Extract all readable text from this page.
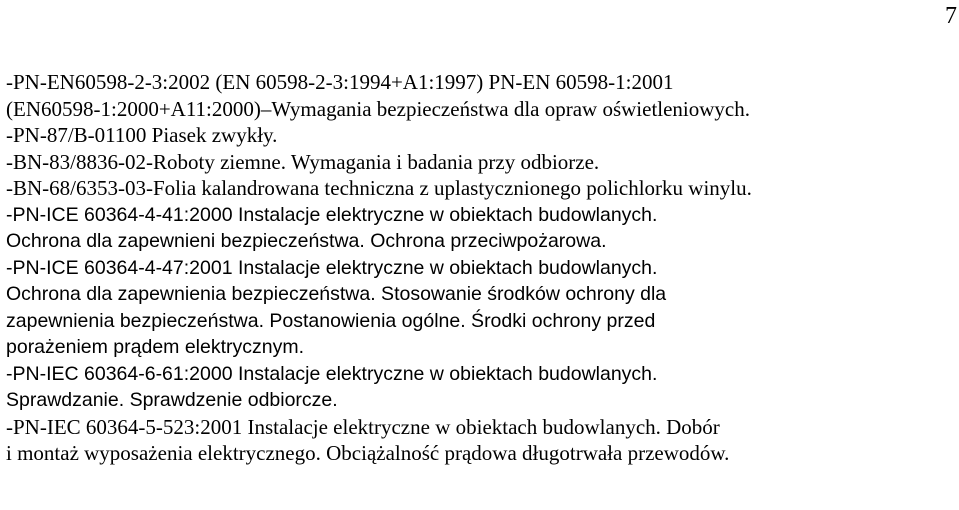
7
-PN-EN60598-2-3:2002 (EN 60598-2-3:1994+A1:1997) PN-EN 60598-1:2001
(EN60598-1:2000+A11:2000)–Wymagania bezpieczeństwa dla opraw oświetleniowych.
-PN-87/B-01100 Piasek zwykły.
-BN-83/8836-02-Roboty ziemne. Wymagania i badania przy odbiorze.
-BN-68/6353-03-Folia kalandrowana techniczna z uplastycznionego polichlorku winylu.
-PN-ICE 60364-4-41:2000 Instalacje elektryczne w obiektach budowlanych.
Ochrona dla zapewnieni bezpieczeństwa. Ochrona przeciwpożarowa.
-PN-ICE 60364-4-47:2001 Instalacje elektryczne w obiektach budowlanych.
Ochrona dla zapewnienia bezpieczeństwa. Stosowanie środków ochrony dla
zapewnienia bezpieczeństwa. Postanowienia ogólne. Środki ochrony przed
porażeniem prądem elektrycznym.
-PN-IEC 60364-6-61:2000 Instalacje elektryczne w obiektach budowlanych.
Sprawdzanie. Sprawdzenie odbiorcze.
-PN-IEC 60364-5-523:2001 Instalacje elektryczne w obiektach budowlanych. Dobór
i montaż wyposażenia elektrycznego. Obciążalność prądowa długotrwała przewodów.
